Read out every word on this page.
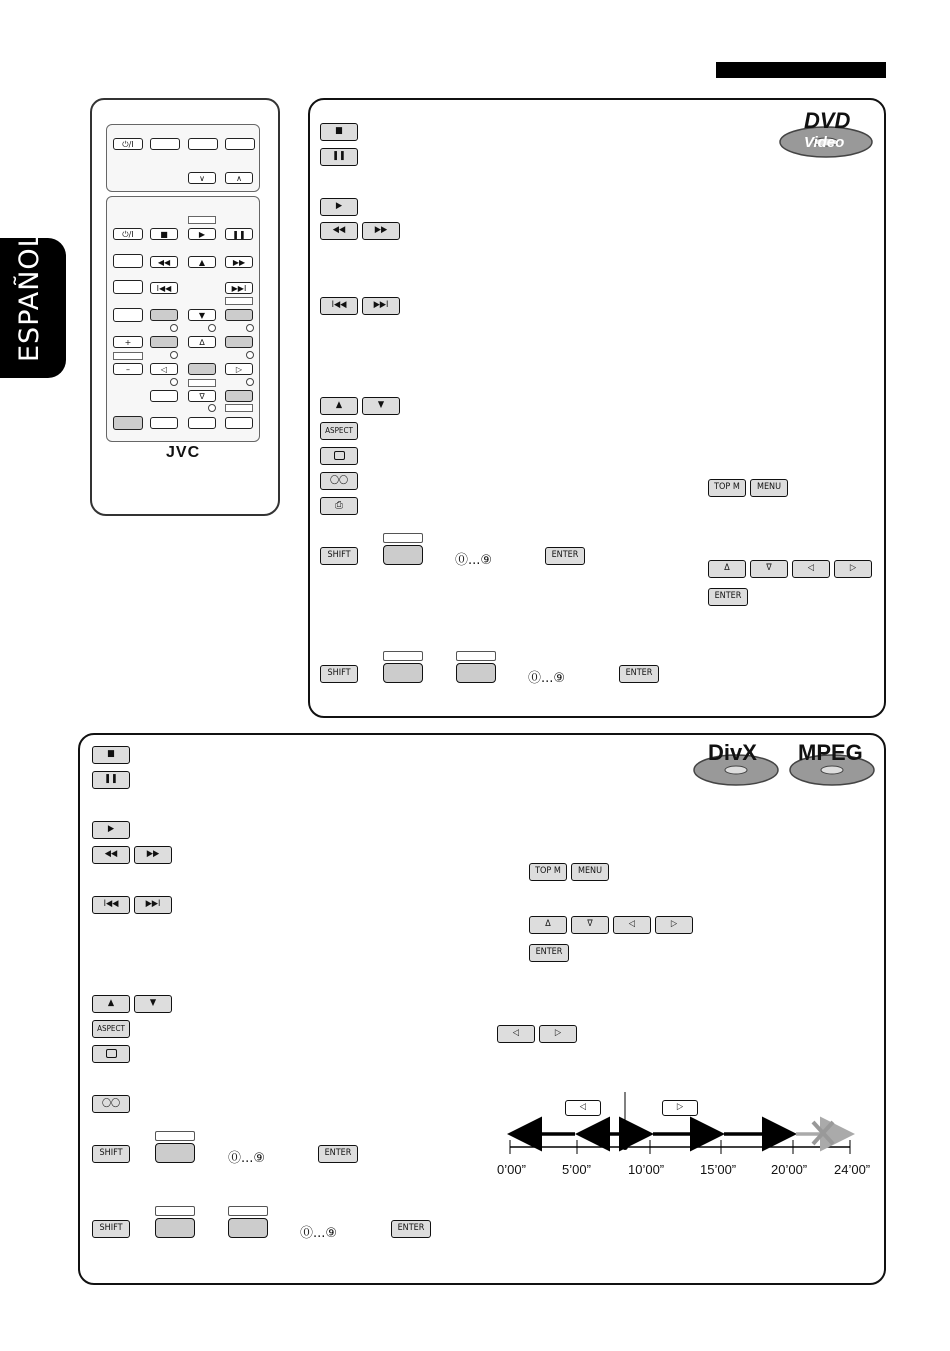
ESPAÑOL
⏻/I
∨	∧
⏻/I	■	▶	❚❚
◀◀	▲	▶▶
I◀◀	▶▶I
▼
+	∆
–	◁	▷
∇
JVC
DVD
Video
■
❚❚
▶
◀◀	▶▶
I◀◀	▶▶I
▲	▼
ASPECT
◯◯
⎙
SHIFT	⓪...⑨	ENTER
SHIFT	⓪...⑨	ENTER
TOP M	MENU
∆	∇	◁	▷
ENTER
DivX MPEG
■
❚❚
▶
◀◀	▶▶
I◀◀	▶▶I
▲	▼
ASPECT
◯◯
SHIFT	⓪...⑨	ENTER
SHIFT	⓪...⑨	ENTER
TOP M	MENU
∆	∇	◁	▷
ENTER
◁	▷
◁	▷
0’00”	5’00”	10’00”	15’00”	20’00” 24’00”
